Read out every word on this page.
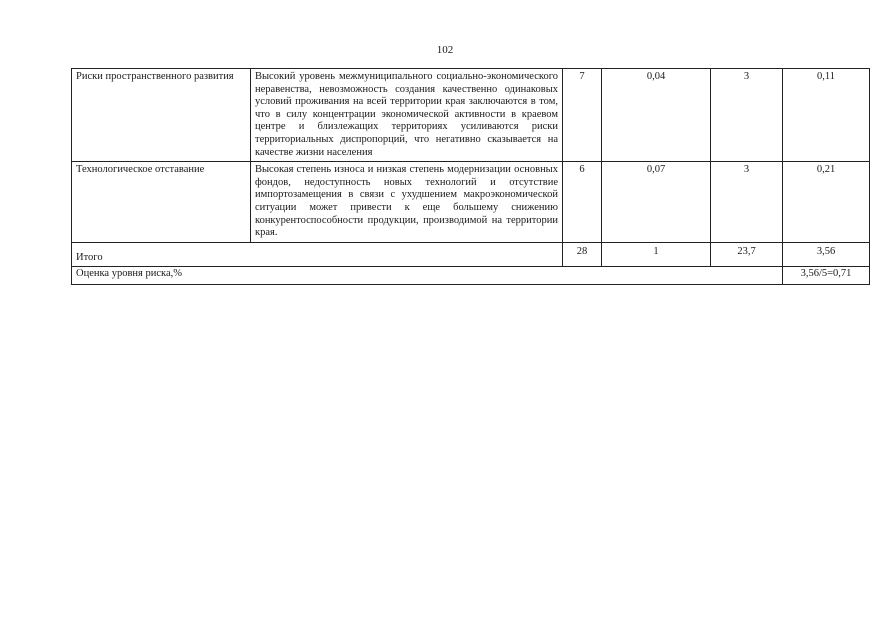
102
Риски пространственного развития	Высокий уровень межмуниципального социально-экономического неравенства, невозможность создания качественно одинаковых условий проживания на всей территории края заключаются в том, что в силу концентрации экономической активности в краевом центре и близлежащих территориях усиливаются риски территориальных диспропорций, что негативно сказывается на качестве жизни населения	7	0,04	3	0,11
Технологическое отставание	Высокая степень износа и низкая степень модернизации основных фондов, недоступность новых технологий и отсутствие импортозамещения в связи с ухудшением макроэкономической ситуации может привести к еще большему снижению конкурентоспособности продукции, производимой на территории края.	6	0,07	3	0,21
Итого		28	1	23,7	3,56
Оценка уровня риска,%					3,56/5=0,71
